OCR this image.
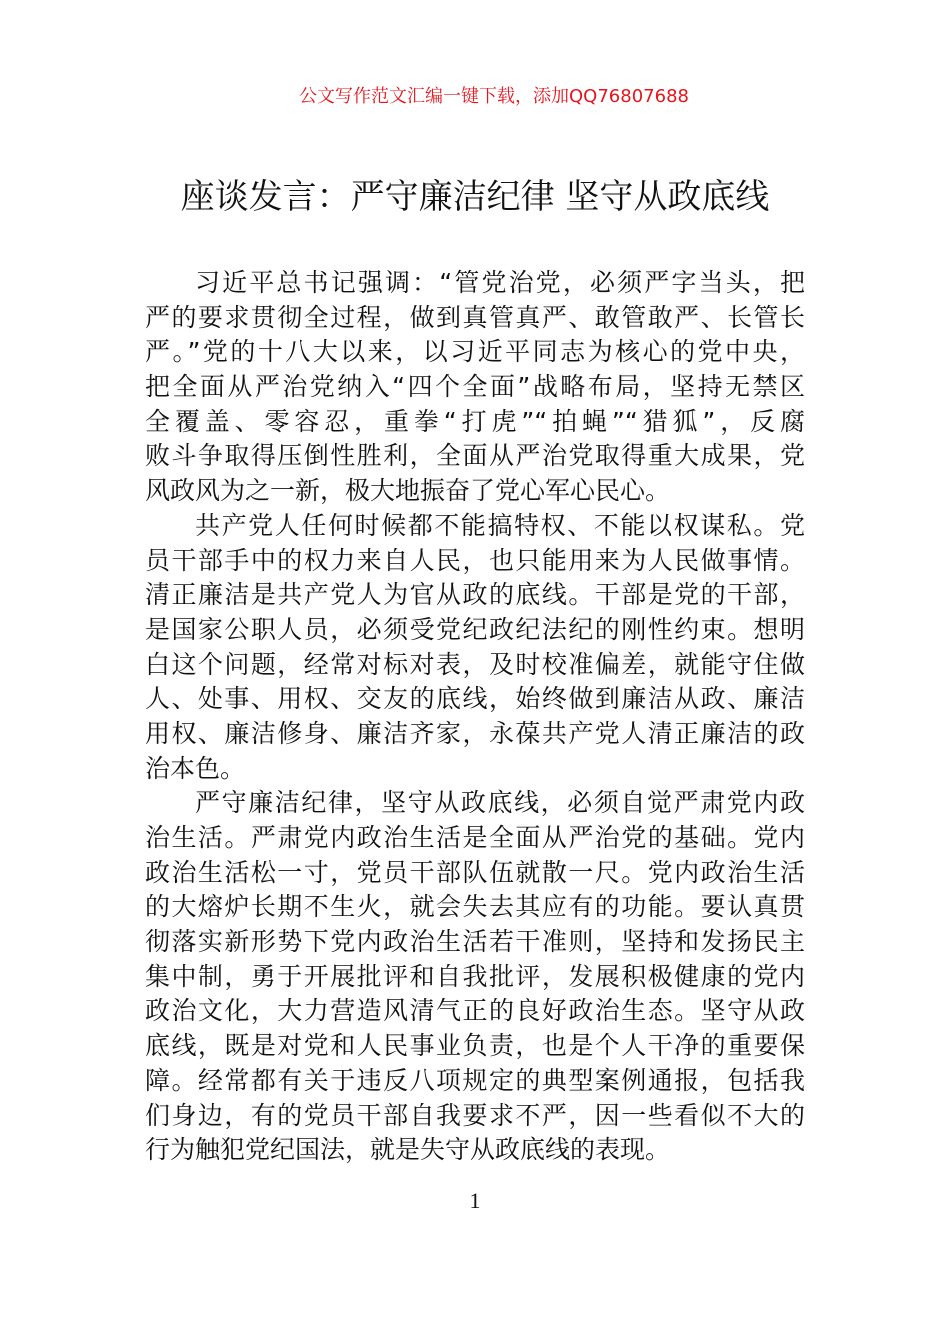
公文写作范文汇编一键下载，添加QQ76807688
座谈发言：严守廉洁纪律 坚守从政底线
习近平总书记强调：“管党治党，必须严字当头，把
严的要求贯彻全过程，做到真管真严、敢管敢严、长管长
严。”党的十八大以来，以习近平同志为核心的党中央，
把全面从严治党纳入“四个全面”战略布局，坚持无禁区
全覆盖、零容忍，重拳“打虎”“拍蝇”“猎狐”，反腐
败斗争取得压倒性胜利，全面从严治党取得重大成果，党
风政风为之一新，极大地振奋了党心军心民心。
共产党人任何时候都不能搞特权、不能以权谋私。党
员干部手中的权力来自人民，也只能用来为人民做事情。
清正廉洁是共产党人为官从政的底线。干部是党的干部，
是国家公职人员，必须受党纪政纪法纪的刚性约束。想明
白这个问题，经常对标对表，及时校准偏差，就能守住做
人、处事、用权、交友的底线，始终做到廉洁从政、廉洁
用权、廉洁修身、廉洁齐家，永葆共产党人清正廉洁的政
治本色。
严守廉洁纪律，坚守从政底线，必须自觉严肃党内政
治生活。严肃党内政治生活是全面从严治党的基础。党内
政治生活松一寸，党员干部队伍就散一尺。党内政治生活
的大熔炉长期不生火，就会失去其应有的功能。要认真贯
彻落实新形势下党内政治生活若干准则，坚持和发扬民主
集中制，勇于开展批评和自我批评，发展积极健康的党内
政治文化，大力营造风清气正的良好政治生态。坚守从政
底线，既是对党和人民事业负责，也是个人干净的重要保
障。经常都有关于违反八项规定的典型案例通报，包括我
们身边，有的党员干部自我要求不严，因一些看似不大的
行为触犯党纪国法，就是失守从政底线的表现。
1
